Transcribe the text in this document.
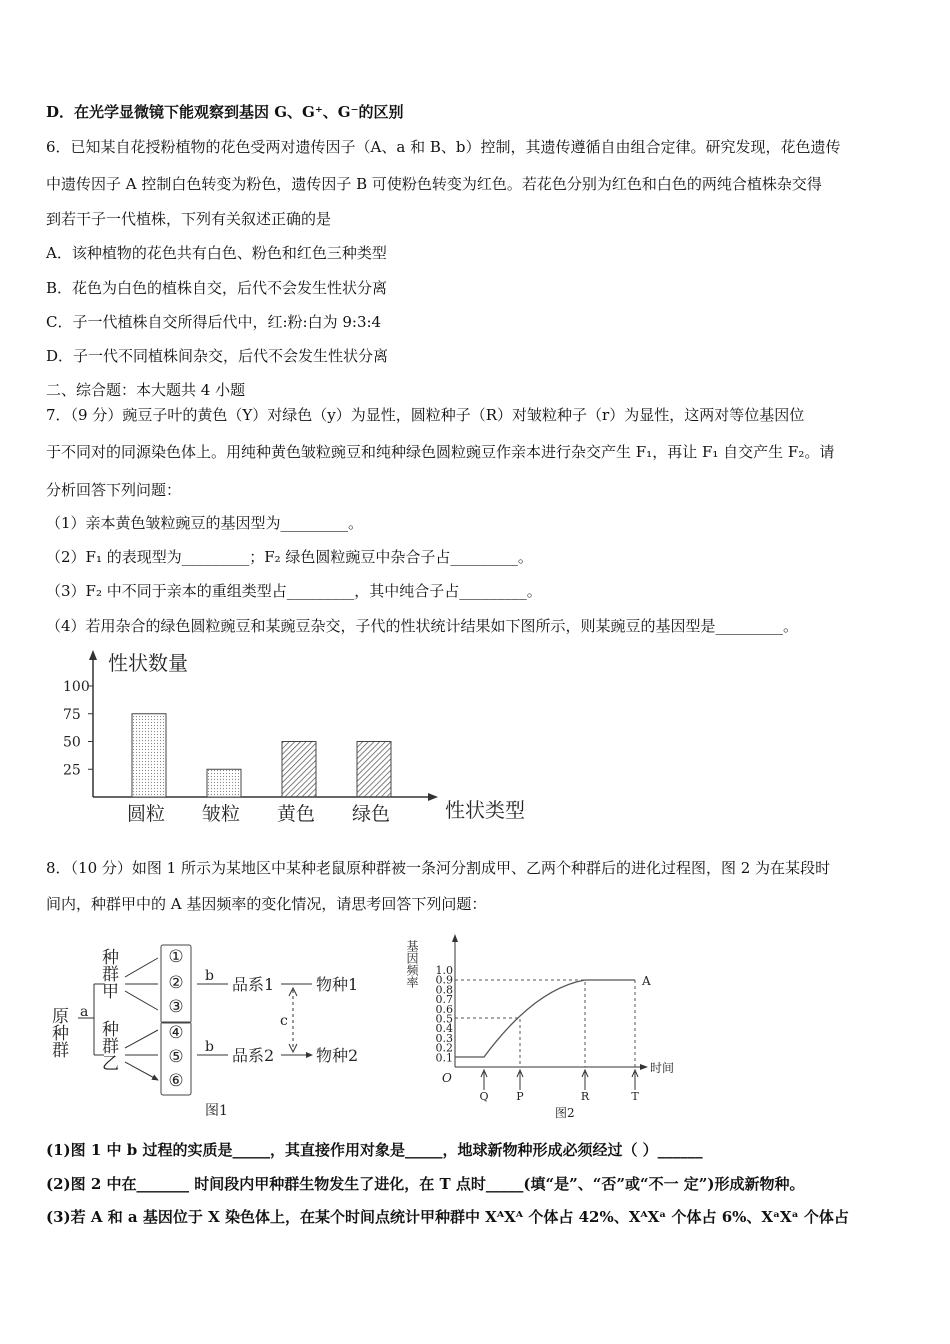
D．在光学显微镜下能观察到基因 G、G⁺、G⁻的区别
6．已知某自花授粉植物的花色受两对遗传因子（A、a 和 B、b）控制，其遗传遵循自由组合定律。研究发现，花色遗传
中遗传因子 A 控制白色转变为粉色，遗传因子 B 可使粉色转变为红色。若花色分别为红色和白色的两纯合植株杂交得
到若干子一代植株，下列有关叙述正确的是
A．该种植物的花色共有白色、粉色和红色三种类型
B．花色为白色的植株自交，后代不会发生性状分离
C．子一代植株自交所得后代中，红:粉:白为 9:3:4
D．子一代不同植株间杂交，后代不会发生性状分离
二、综合题：本大题共 4 小题
7．（9 分）豌豆子叶的黄色（Y）对绿色（y）为显性，圆粒种子（R）对皱粒种子（r）为显性，这两对等位基因位
于不同对的同源染色体上。用纯种黄色皱粒豌豆和纯种绿色圆粒豌豆作亲本进行杂交产生 F₁，再让 F₁ 自交产生 F₂。请
分析回答下列问题：
（1）亲本黄色皱粒豌豆的基因型为_________。
（2）F₁ 的表现型为_________；F₂ 绿色圆粒豌豆中杂合子占_________。
（3）F₂ 中不同于亲本的重组类型占_________，其中纯合子占_________。
（4）若用杂合的绿色圆粒豌豆和某豌豆杂交，子代的性状统计结果如下图所示，则某豌豆的基因型是_________。
性状数量
性状类型
25
50
75
100
圆粒 皱粒 黄色 绿色
8．（10 分）如图 1 所示为某地区中某种老鼠原种群被一条河分割成甲、乙两个种群后的进化过程图，图 2 为在某段时
间内，种群甲中的 A 基因频率的变化情况，请思考回答下列问题：
原种群 a
种群甲
种群乙
①
②
③
④
⑤
⑥
b
b
品系1
品系2
物种1
物种2
c
图1
基因频率
时间
O
1.0
0.9
0.8
0.7
0.6
0.5
0.4
0.3
0.2
0.1
A
Q	P	R	T
图2
(1)图 1 中 b 过程的实质是_____，其直接作用对象是_____，地球新物种形成必须经过（ ）______
(2)图 2 中在_______ 时间段内甲种群生物发生了进化，在 T 点时_____(填“是”、“否”或“不一 定”)形成新物种。
(3)若 A 和 a 基因位于 X 染色体上，在某个时间点统计甲种群中 XᴬXᴬ 个体占 42%、XᴬXᵃ 个体占 6%、XᵃXᵃ 个体占
